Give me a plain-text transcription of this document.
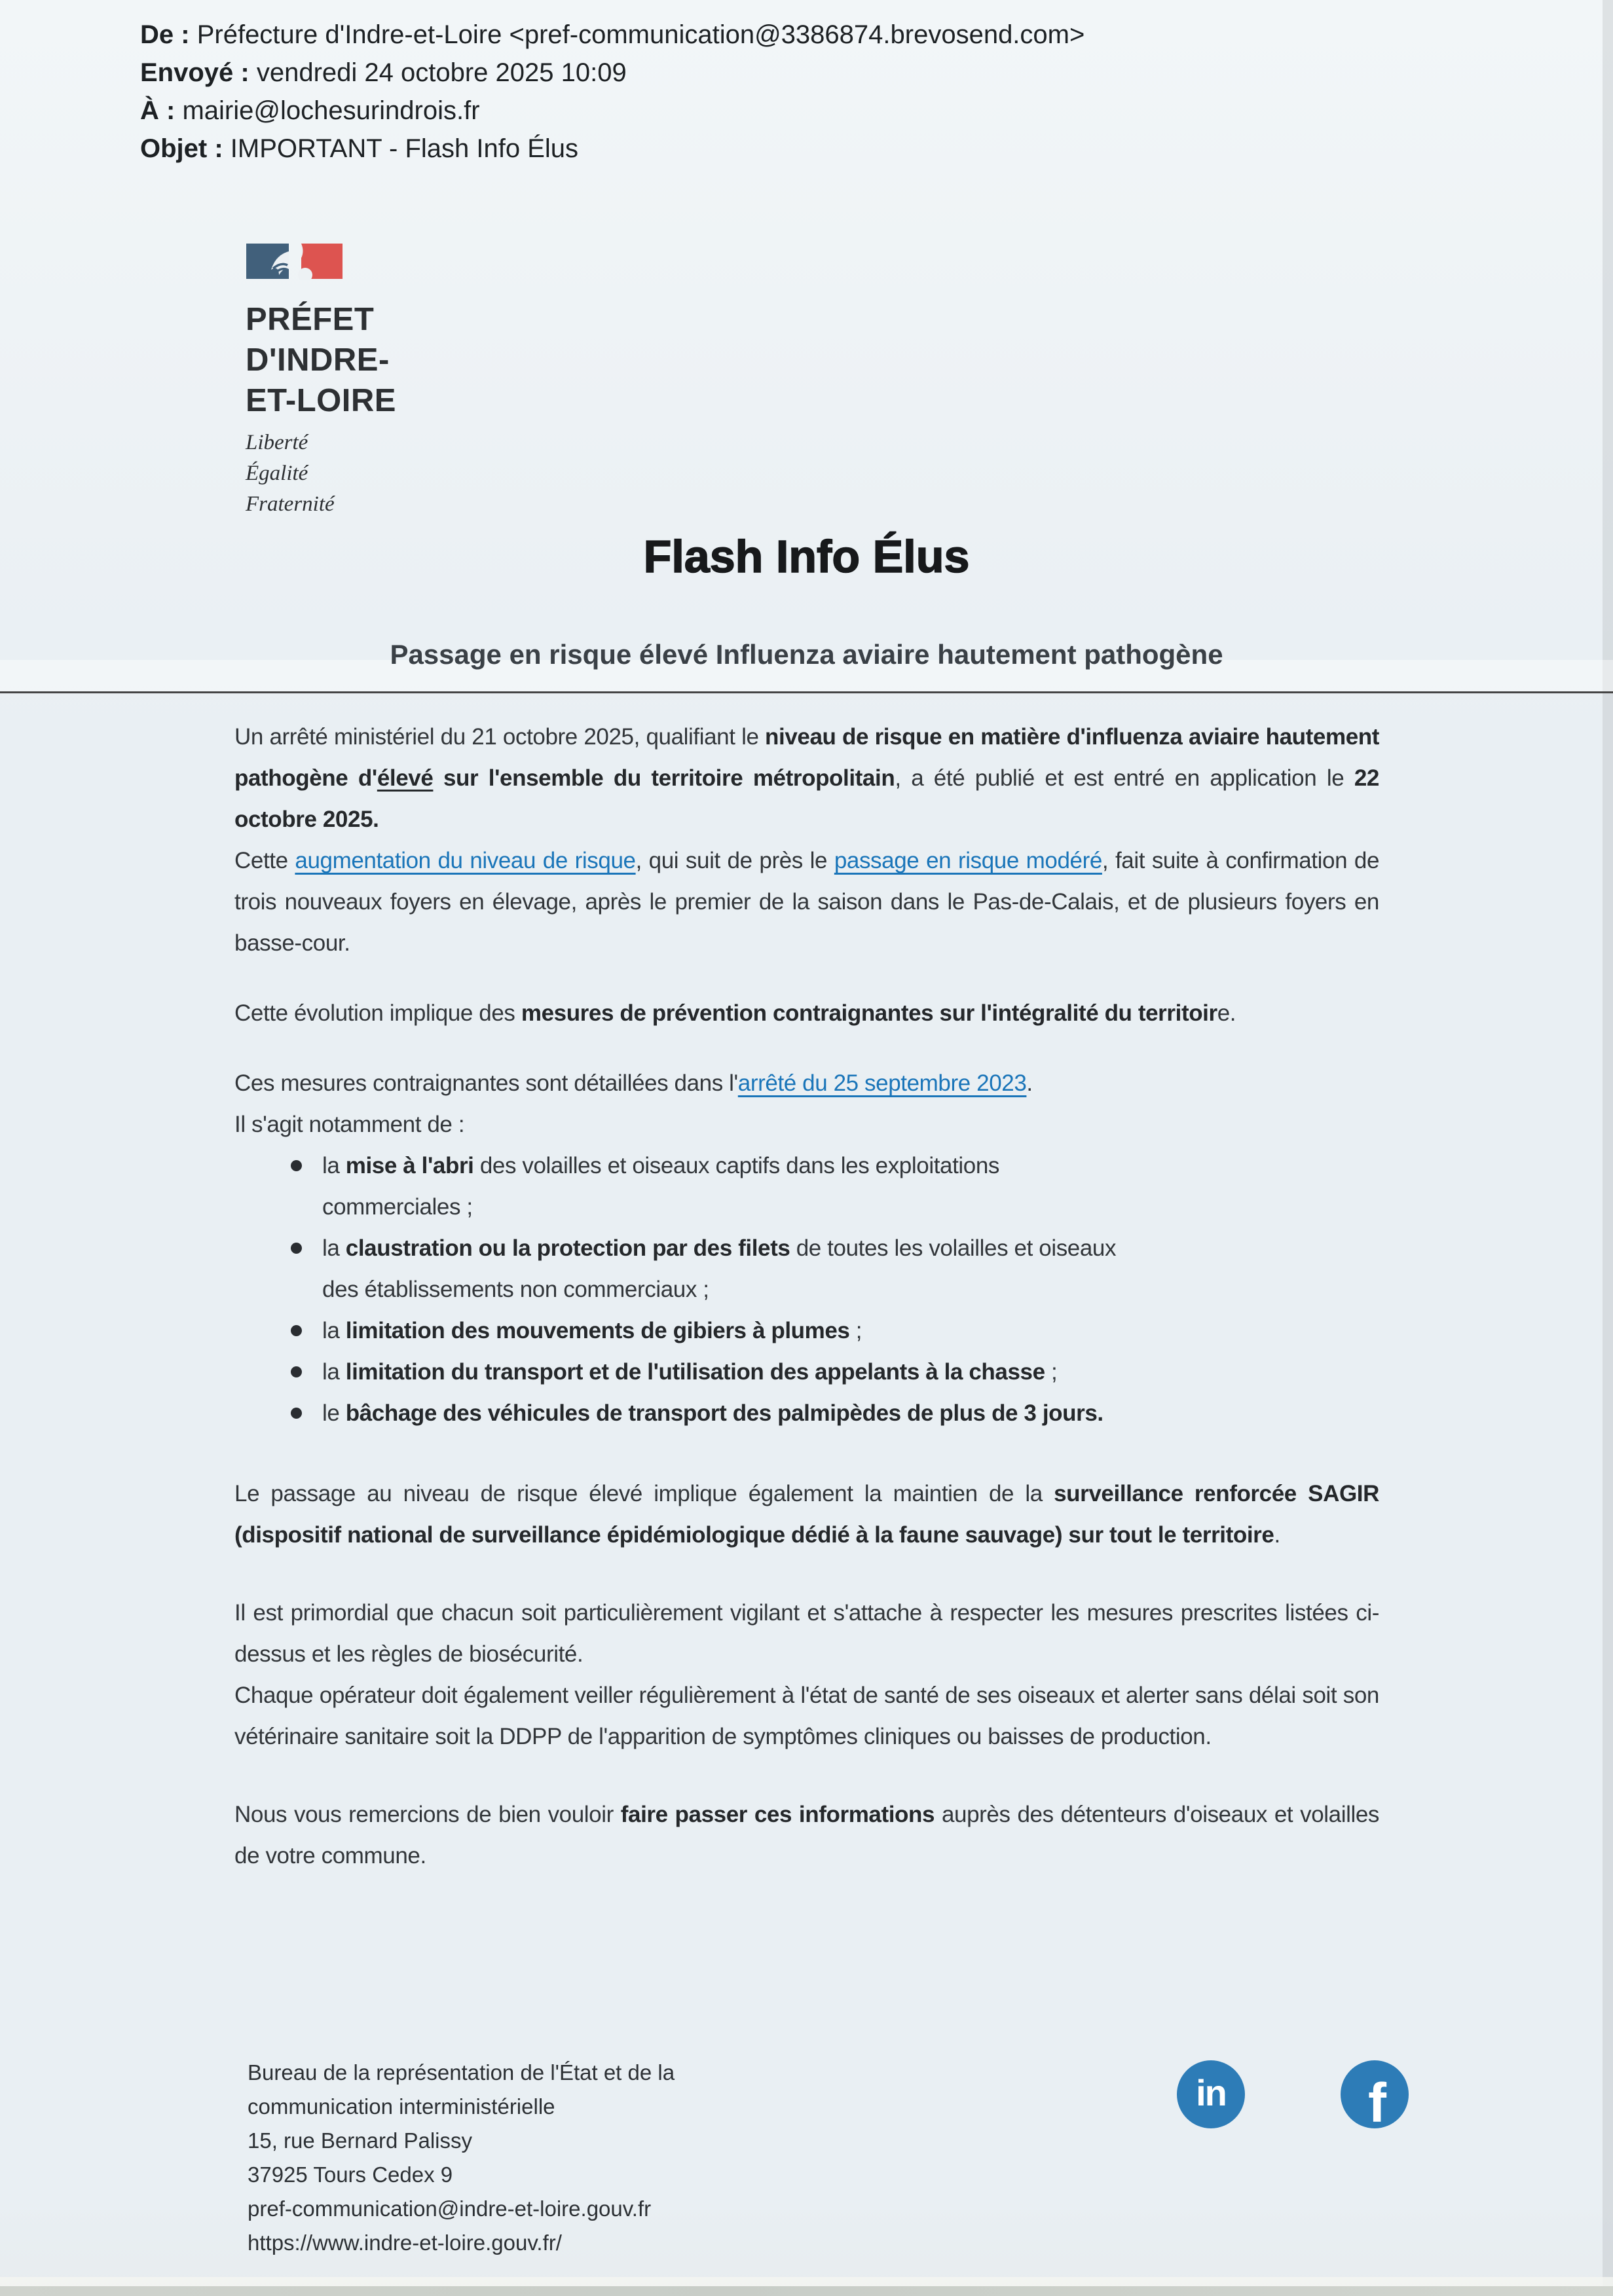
De : Préfecture d'Indre-et-Loire <pref-communication@3386874.brevosend.com>
Envoyé : vendredi 24 octobre 2025 10:09
À : mairie@lochesurindrois.fr
Objet : IMPORTANT - Flash Info Élus
PRÉFET
D'INDRE-
ET-LOIRE
Liberté
Égalité
Fraternité
Flash Info Élus
Passage en risque élevé Influenza aviaire hautement pathogène
Un arrêté ministériel du 21 octobre 2025, qualifiant le niveau de risque en matière d'influenza aviaire hautement pathogène d'élevé sur l'ensemble du territoire métropolitain, a été publié et est entré en application le 22 octobre 2025.
Cette augmentation du niveau de risque, qui suit de près le passage en risque modéré, fait suite à confirmation de trois nouveaux foyers en élevage, après le premier de la saison dans le Pas-de-Calais, et de plusieurs foyers en basse-cour.
Cette évolution implique des mesures de prévention contraignantes sur l'intégralité du territoire.
Ces mesures contraignantes sont détaillées dans l'arrêté du 25 septembre 2023.
Il s'agit notamment de :
la mise à l'abri des volailles et oiseaux captifs dans les exploitations
commerciales ;
la claustration ou la protection par des filets de toutes les volailles et oiseaux
des établissements non commerciaux ;
la limitation des mouvements de gibiers à plumes ;
la limitation du transport et de l'utilisation des appelants à la chasse ;
le bâchage des véhicules de transport des palmipèdes de plus de 3 jours.
Le passage au niveau de risque élevé implique également la maintien de la surveillance renforcée SAGIR (dispositif national de surveillance épidémiologique dédié à la faune sauvage) sur tout le territoire.
Il est primordial que chacun soit particulièrement vigilant et s'attache à respecter les mesures prescrites listées ci-dessus et les règles de biosécurité.
Chaque opérateur doit également veiller régulièrement à l'état de santé de ses oiseaux et alerter sans délai soit son vétérinaire sanitaire soit la DDPP de l'apparition de symptômes cliniques ou baisses de production.
Nous vous remercions de bien vouloir faire passer ces informations auprès des détenteurs d'oiseaux et volailles de votre commune.
Bureau de la représentation de l'État et de la
communication interministérielle
15, rue Bernard Palissy
37925 Tours Cedex 9
pref-communication@indre-et-loire.gouv.fr
https://www.indre-et-loire.gouv.fr/
in	f
